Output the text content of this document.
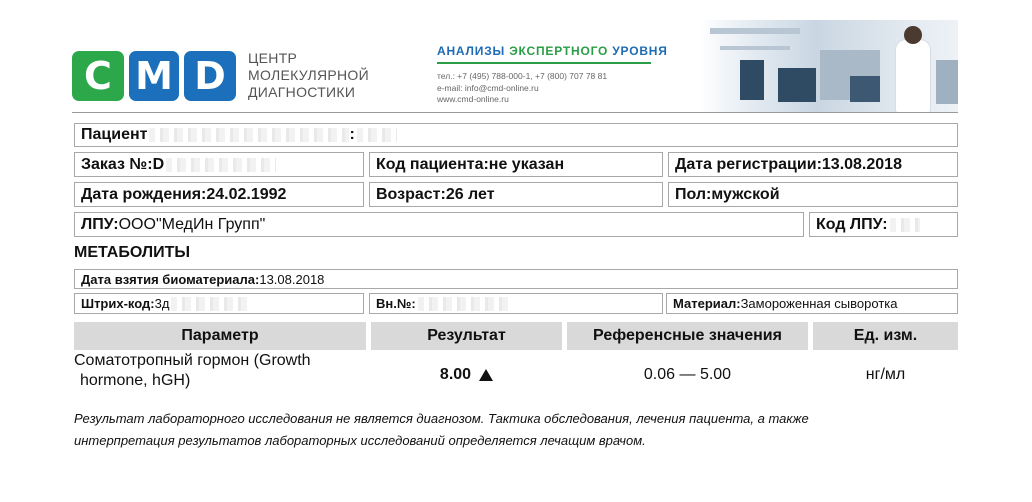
C M D	ЦЕНТР
МОЛЕКУЛЯРНОЙ
ДИАГНОСТИКИ
АНАЛИЗЫ ЭКСПЕРТНОГО УРОВНЯ
тел.: +7 (495) 788-000-1, +7 (800) 707 78 81
e-mail: info@cmd-online.ru
www.cmd-online.ru
Пациент	:
Заказ №: D	Код пациента: не указан	Дата регистрации: 13.08.2018
Дата рождения: 24.02.1992	Возраст: 26 лет	Пол: мужской
ЛПУ: ООО"МедИн Групп"	Код ЛПУ:
МЕТАБОЛИТЫ
Дата взятия биоматериала: 13.08.2018
Штрих-код: 3д	Вн.№:	Материал: Замороженная сыворотка
Параметр	Результат	Референсные значения	Ед. изм.
Соматотропный гормон (Growth
hormone, hGH)	8.00	0.06 — 5.00	нг/мл
Результат лабораторного исследования не является диагнозом. Тактика обследования, лечения пациента, а также
интерпретация результатов лабораторных исследований определяется лечащим врачом.
